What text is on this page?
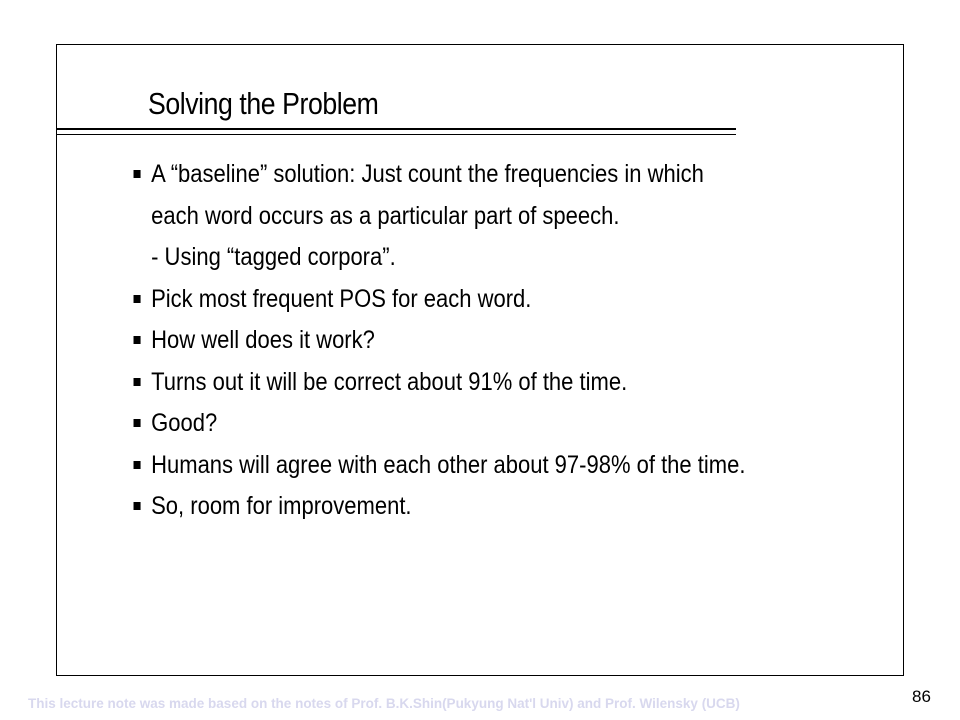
Solving the Problem
A “baseline” solution: Just count the frequencies in which
each word occurs as a particular part of speech.
- Using “tagged corpora”.
Pick most frequent POS for each word.
How well does it work?
Turns out it will be correct about 91% of the time.
Good?
Humans will agree with each other about 97-98% of the time.
So, room for improvement.
This lecture note was made based on the notes of Prof. B.K.Shin(Pukyung Nat'l Univ) and Prof. Wilensky (UCB)	86
